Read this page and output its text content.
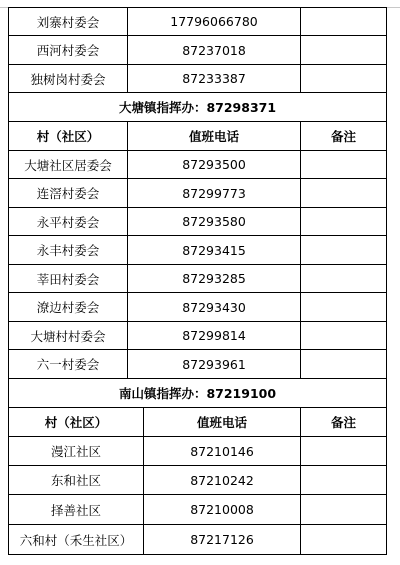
刘寨村委会	17796066780	
西河村委会	87237018	
独树岗村委会	87233387	
大塘镇指挥办：87298371		
村（社区）	值班电话	备注
大塘社区居委会	87293500	
连滘村委会	87299773	
永平村委会	87293580	
永丰村委会	87293415	
莘田村委会	87293285	
潦边村委会	87293430	
大塘村村委会	87299814	
六一村委会	87293961	
南山镇指挥办：87219100		
村（社区）	值班电话	备注
漫江社区	87210146	
东和社区	87210242	
择善社区	87210008	
六和村（禾生社区）	87217126	
